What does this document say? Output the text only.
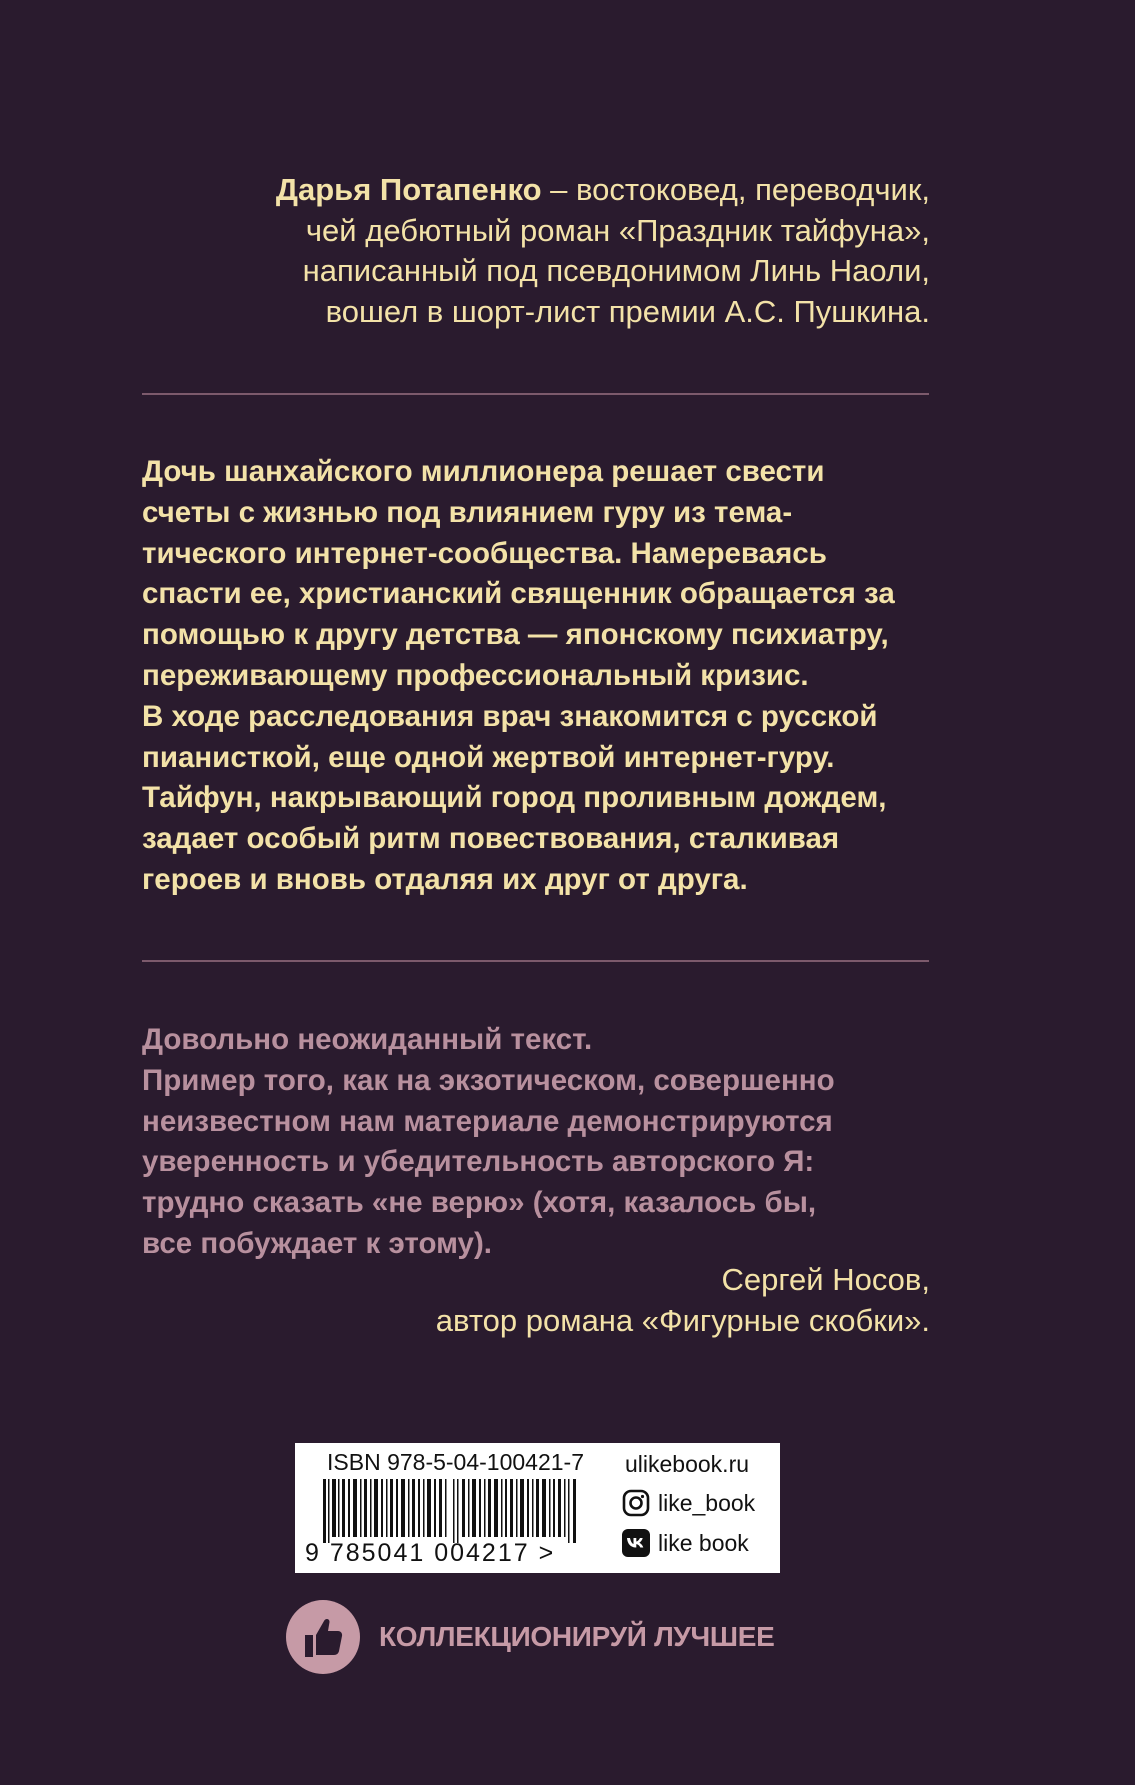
Дарья Потапенко – востоковед, переводчик,
чей дебютный роман «Праздник тайфуна»,
написанный под псевдонимом Линь Наоли,
вошел в шорт-лист премии А.С. Пушкина.
Дочь шанхайского миллионера решает свести
счеты с жизнью под влиянием гуру из тема-
тического интернет-сообщества. Намереваясь
спасти ее, христианский священник обращается за
помощью к другу детства — японскому психиатру,
переживающему профессиональный кризис.
В ходе расследования врач знакомится с русской
пианисткой, еще одной жертвой интернет-гуру.
Тайфун, накрывающий город проливным дождем,
задает особый ритм повествования, сталкивая
героев и вновь отдаляя их друг от друга.
Довольно неожиданный текст.
Пример того, как на экзотическом, совершенно
неизвестном нам материале демонстрируются
уверенность и убедительность авторского Я:
трудно сказать «не верю» (хотя, казалось бы,
все побуждает к этому).
Сергей Носов,
автор романа «Фигурные скобки».
ISBN 978-5-04-100421-7
9 785041 004217 >
ulikebook.ru
like_book
like book
КОЛЛЕКЦИОНИРУЙ ЛУЧШЕЕ
